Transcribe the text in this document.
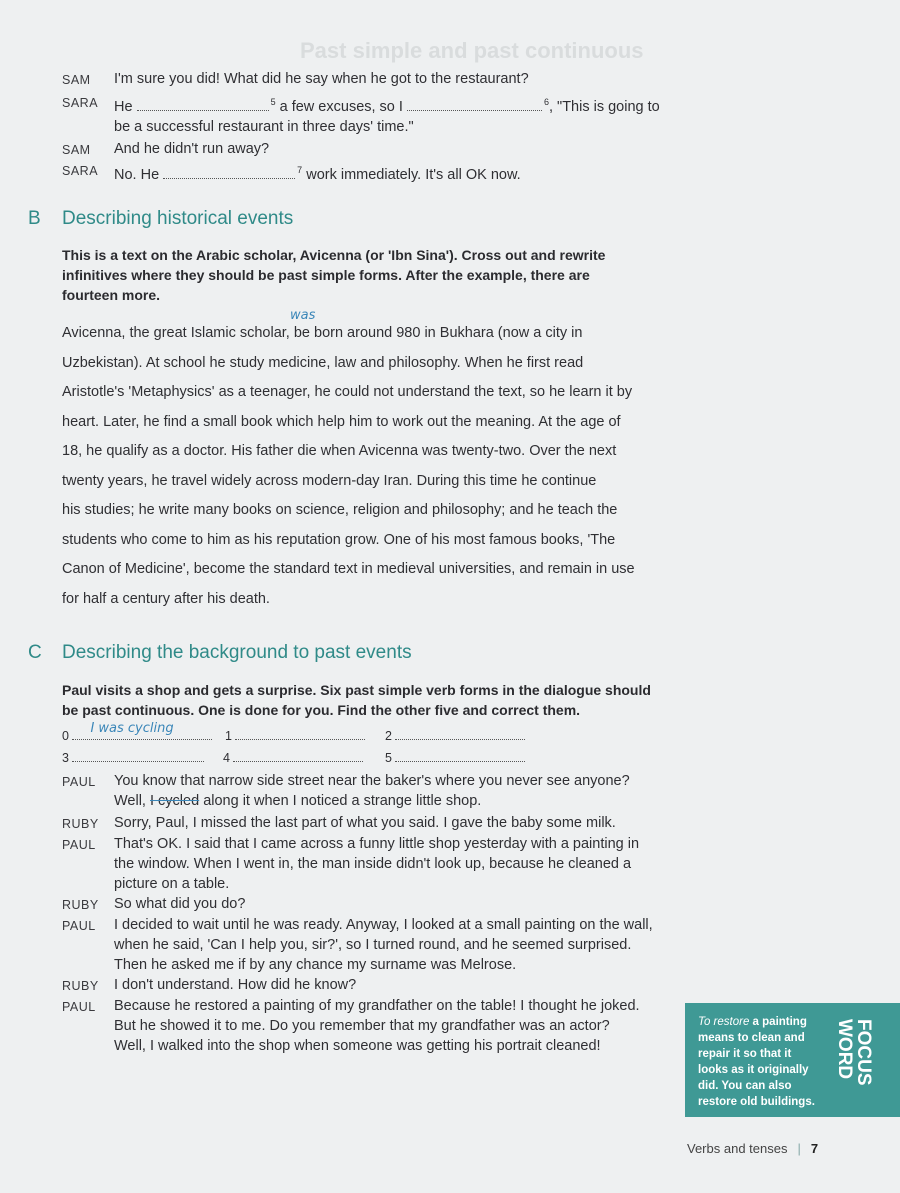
Past simple and past continuous
SAM	I'm sure you did! What did he say when he got to the restaurant?
SARA	He	$^5$ a few excuses, so I	$^6$, "This is going to
be a successful restaurant in three days' time."
SAM	And he didn't run away?
SARA	No. He	$^7$ work immediately. It's all OK now.
B Describing historical events
This is a text on the Arabic scholar, Avicenna (or 'Ibn Sina'). Cross out and rewrite infinitives where they should be past simple forms. After the example, there are fourteen more.
was
Avicenna, the great Islamic scholar, be born around 980 in Bukhara (now a city in
Uzbekistan). At school he study medicine, law and philosophy. When he first read
Aristotle's 'Metaphysics' as a teenager, he could not understand the text, so he learn it by
heart. Later, he find a small book which help him to work out the meaning. At the age of
18, he qualify as a doctor. His father die when Avicenna was twenty-two. Over the next
twenty years, he travel widely across modern-day Iran. During this time he continue
his studies; he write many books on science, religion and philosophy; and he teach the
students who come to him as his reputation grow. One of his most famous books, 'The
Canon of Medicine', become the standard text in medieval universities, and remain in use
for half a century after his death.
C Describing the background to past events
Paul visits a shop and gets a surprise. Six past simple verb forms in the dialogue should be past continuous. One is done for you. Find the other five and correct them.
0 I was cycling	1	2
3	4	5
PAUL	You know that narrow side street near the baker's where you never see anyone?
Well, I cycled along it when I noticed a strange little shop.
RUBY	Sorry, Paul, I missed the last part of what you said. I gave the baby some milk.
PAUL	That's OK. I said that I came across a funny little shop yesterday with a painting in the window. When I went in, the man inside didn't look up, because he cleaned a picture on a table.
RUBY	So what did you do?
PAUL	I decided to wait until he was ready. Anyway, I looked at a small painting on the wall, when he said, 'Can I help you, sir?', so I turned round, and he seemed surprised. Then he asked me if by any chance my surname was Melrose.
RUBY	I don't understand. How did he know?
PAUL	Because he restored a painting of my grandfather on the table! I thought he joked. But he showed it to me. Do you remember that my grandfather was an actor? Well, I walked into the shop when someone was getting his portrait cleaned!
To restore a painting means to clean and repair it so that it looks as it originally did. You can also restore old buildings.
WORDFOCUS
Verbs and tenses | 7
